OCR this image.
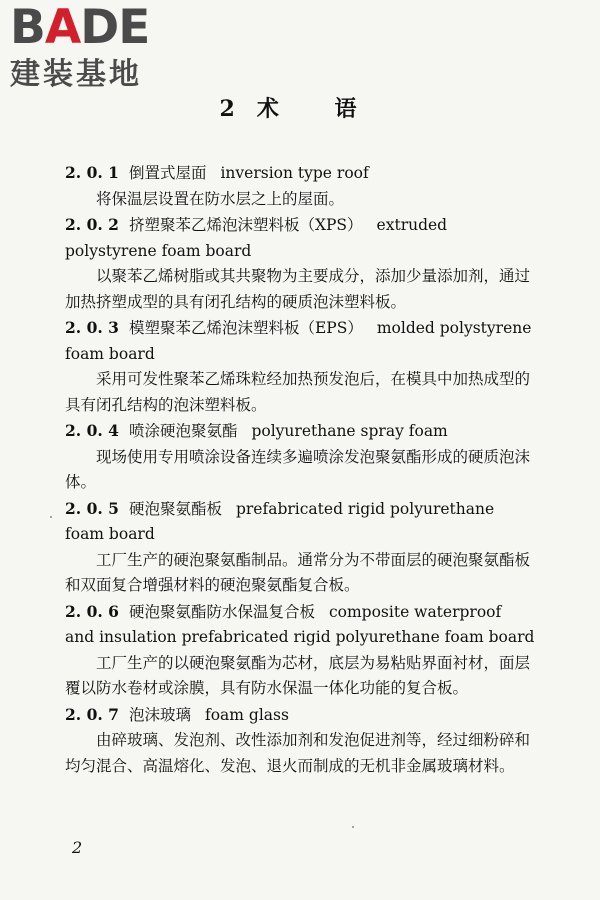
BADE
建装基地
2 术 语

2. 0. 1 倒置式屋面 inversion type roof

将保温层设置在防水层之上的屋面。

2. 0. 2 挤塑聚苯乙烯泡沫塑料板（XPS） extruded polystyrene foam board

以聚苯乙烯树脂或其共聚物为主要成分，添加少量添加剂，通过加热挤塑成型的具有闭孔结构的硬质泡沫塑料板。

2. 0. 3 模塑聚苯乙烯泡沫塑料板（EPS） molded polystyrene foam board

采用可发性聚苯乙烯珠粒经加热预发泡后，在模具中加热成型的具有闭孔结构的泡沫塑料板。

2. 0. 4 喷涂硬泡聚氨酯 polyurethane spray foam

现场使用专用喷涂设备连续多遍喷涂发泡聚氨酯形成的硬质泡沫体。

2. 0. 5 硬泡聚氨酯板 prefabricated rigid polyurethane foam board

工厂生产的硬泡聚氨酯制品。通常分为不带面层的硬泡聚氨酯板和双面复合增强材料的硬泡聚氨酯复合板。

2. 0. 6 硬泡聚氨酯防水保温复合板 composite waterproof and insulation prefabricated rigid polyurethane foam board

工厂生产的以硬泡聚氨酯为芯材，底层为易粘贴界面衬材，面层覆以防水卷材或涂膜，具有防水保温一体化功能的复合板。

2. 0. 7 泡沫玻璃 foam glass

由碎玻璃、发泡剂、改性添加剂和发泡促进剂等，经过细粉碎和均匀混合、高温熔化、发泡、退火而制成的无机非金属玻璃材料。

2
